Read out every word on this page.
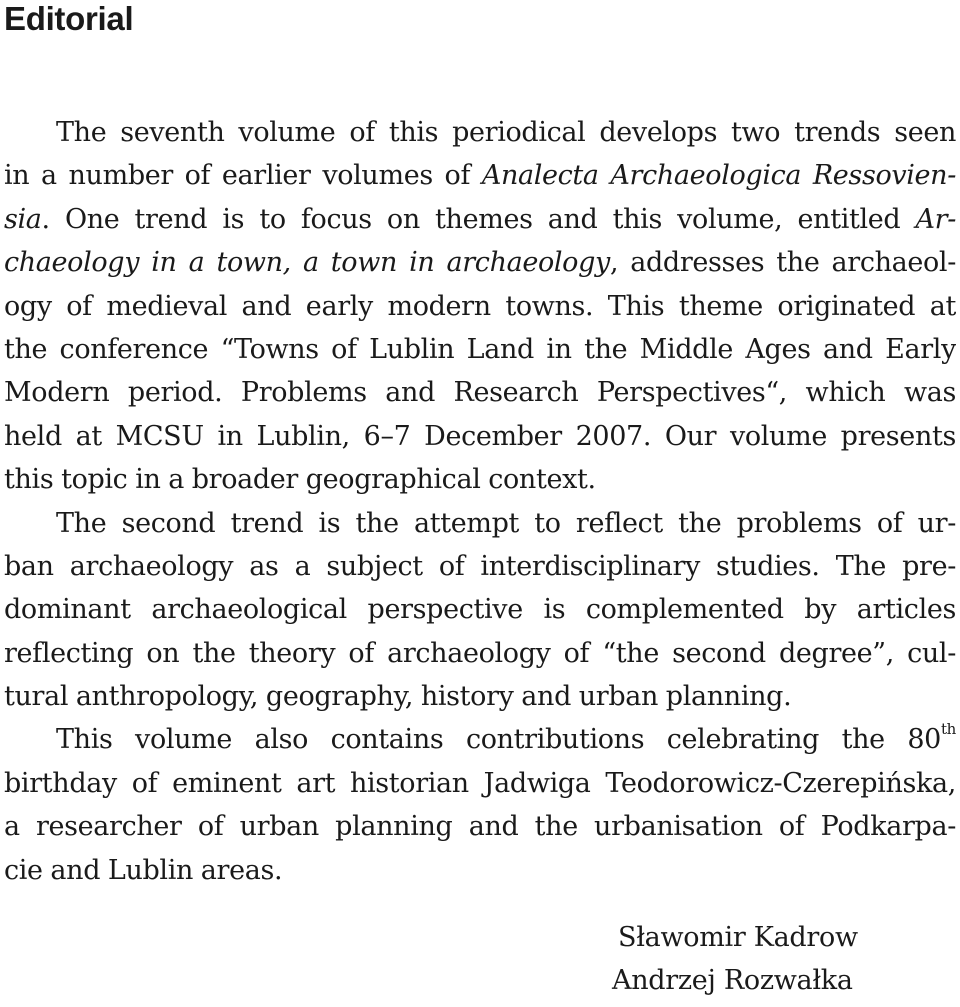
Editorial
The seventh volume of this periodical develops two trends seen
in a number of earlier volumes of Analecta Archaeologica Ressovien-
sia. One trend is to focus on themes and this volume, entitled Ar-
chaeology in a town, a town in archaeology, addresses the archaeol-
ogy of medieval and early modern towns. This theme originated at
the conference “Towns of Lublin Land in the Middle Ages and Early
Modern period. Problems and Research Perspectives“, which was
held at MCSU in Lublin, 6–7 December 2007. Our volume presents
this topic in a broader geographical context.
The second trend is the attempt to reflect the problems of ur-
ban archaeology as a subject of interdisciplinary studies. The pre-
dominant archaeological perspective is complemented by articles
reflecting on the theory of archaeology of “the second degree”, cul-
tural anthropology, geography, history and urban planning.
This volume also contains contributions celebrating the 80th
birthday of eminent art historian Jadwiga Teodorowicz-Czerepińska,
a researcher of urban planning and the urbanisation of Podkarpa-
cie and Lublin areas.
Sławomir Kadrow
Andrzej Rozwałka
